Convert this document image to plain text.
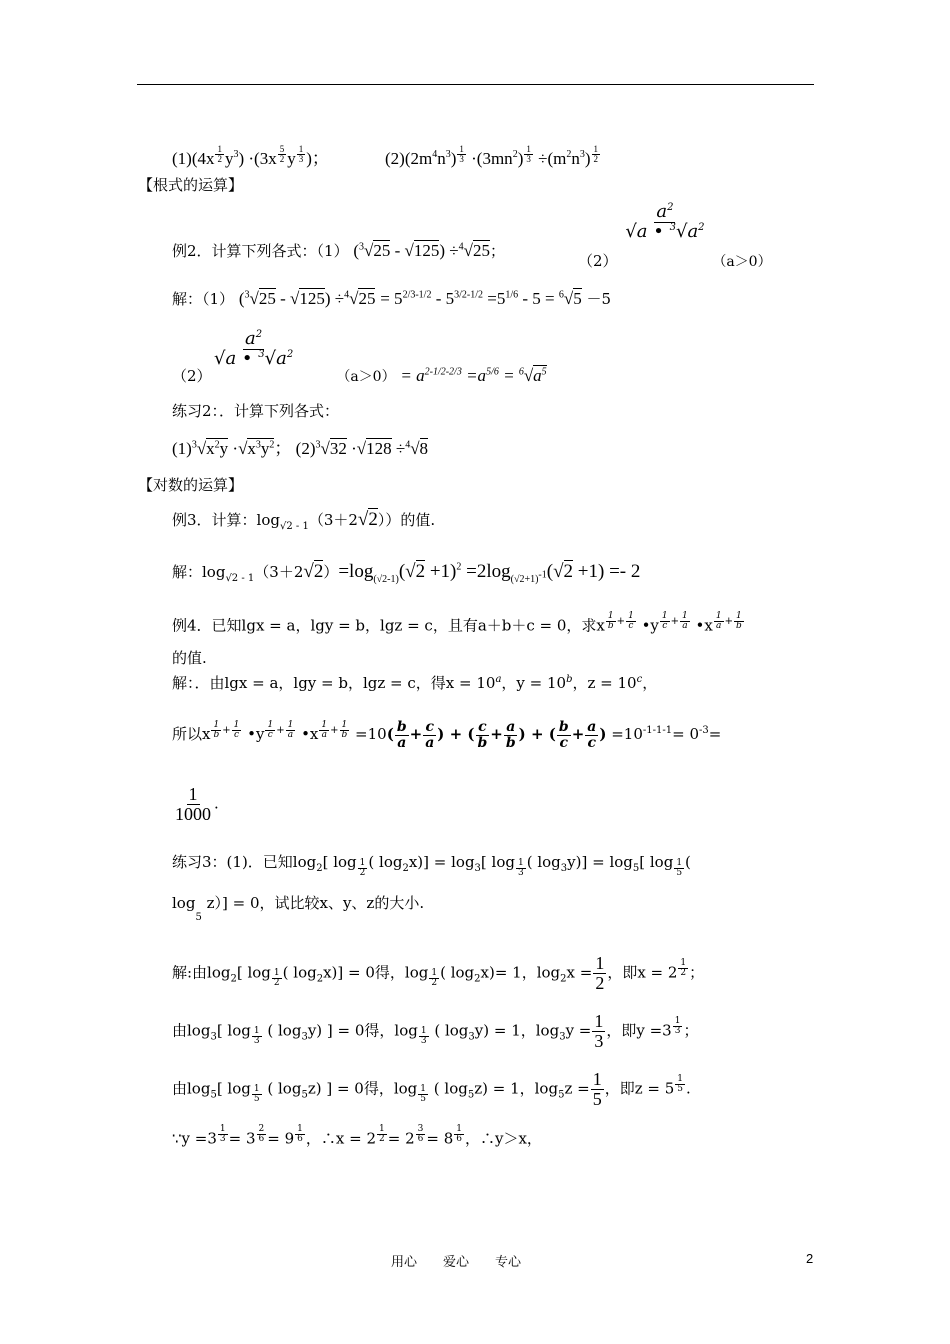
(1)(4x $^{\frac{1}{2}}$ $y^3) \cdot(3x$ $^{\frac{5}{2}}$ y $^{\frac{1}{3}}$ )；	$(2)(2m^4n^3)$ $^{\frac{1}{3}} \cdot(3mn^2)$ $^{\frac{1}{3}} \div(m^2n^3)$ $^{\frac{1}{2}}$
【根式的运算】
例2．计算下列各式：（1） ($^3$√25 - √125) ÷$^4$√25；
（2）
$\frac{a^2}{√a • ^3√a^2}$
（a＞0）
解：（1） $(^3√25 - √125) \div^4√25 = 5^{2/3-1/2} - 5^{3/2-1/2} =5^{1/6} - 5 = ^6√5 -5$
$\frac{a^2}{√a • ^3√a^2}$
（2）	$(a>0) = a^{2-1/2-2/3} =a^{5/6} = ^6√a^5$
练习2：．计算下列各式：
$(1)^3√x^2y \cdot√x^3y^2$； $(2)^3√32 \cdot√128 \div^4√8$
【对数的运算】
例3．计算：$\log_{√2 - 1}(3+2√2)$）的值.
解：$\log_{√2 - 1}(3+2√2)=\log_{(√2-1)}(√2 +1)^2 =2\log_{(√2+1)^{-1}}(√2 +1) =- 2$
例4．已知lgx = a，lgy = b，lgz = c，且有a＋b＋c = 0，求x $^{\frac{1}{b} + \frac{1}{c}}$ •y $^{\frac{1}{c} + \frac{1}{a}}$ •x $^{\frac{1}{a} + \frac{1}{b}}$
的值.
解：．由lgx = a，lgy = b，lgz = c，得$x = 10^a$，$y = 10^b$，$z = 10^c$，
所以x $^{\frac{1}{b} + \frac{1}{c}}$ •y $^{\frac{1}{c} + \frac{1}{a}}$ •x $^{\frac{1}{a} + \frac{1}{b}} =10( \frac{b}{a} + \frac{c}{a}$ ) + ( $\frac{c}{b} + \frac{a}{b}$ ) + ( $\frac{b}{c} + \frac{a}{c}$ ) $=10^{-1-1-1}= 0^{-3}=$
$\frac{1}{1000}$ .
练习3：(1)．已知$\log_2$[ log $_{\frac{1}{2}}$ ( $\log_2x)] = \log_3$[ log $_{\frac{1}{3}}$ ( $\log_3y)] = \log_5$[ log $_{\frac{1}{5}}$ (
$\log_5 z)] = 0$，试比较x、y、z的大小.
解:由$\log_2$[ log $_{\frac{1}{2}}$ ( $\log_2x)] = 0$得，log $_{\frac{1}{2}}$ ( $\log_2x)= 1$，$\log_2x = \frac{1}{2}$ ，即x = 2 $^{\frac{1}{2}}$ ；
由$\log_3$[ log $_{\frac{1}{3}}$ ( $\log_3y$) ] = 0得，log $_{\frac{1}{3}}$ ( $\log_3y) = 1$，$\log_3y = \frac{1}{3}$ ，即y =3 $^{\frac{1}{3}}$ ；
由$\log_5$[ log $_{\frac{1}{5}}$ ( $\log_5z$) ] = 0得，log $_{\frac{1}{5}}$ ( $\log_5z) = 1$，$\log_5z = \frac{1}{5}$ ，即z = 5 $^{\frac{1}{5}}$ .
∵y =3 $^{\frac{1}{3}}$ = 3 $^{\frac{2}{6}}$ = 9 $^{\frac{1}{6}}$ ，∴x = 2 $^{\frac{1}{2}}$ = 2 $^{\frac{3}{6}}$ = 8 $^{\frac{1}{6}}$ ，∴y＞x，
用心　　爱心　　专心	2
